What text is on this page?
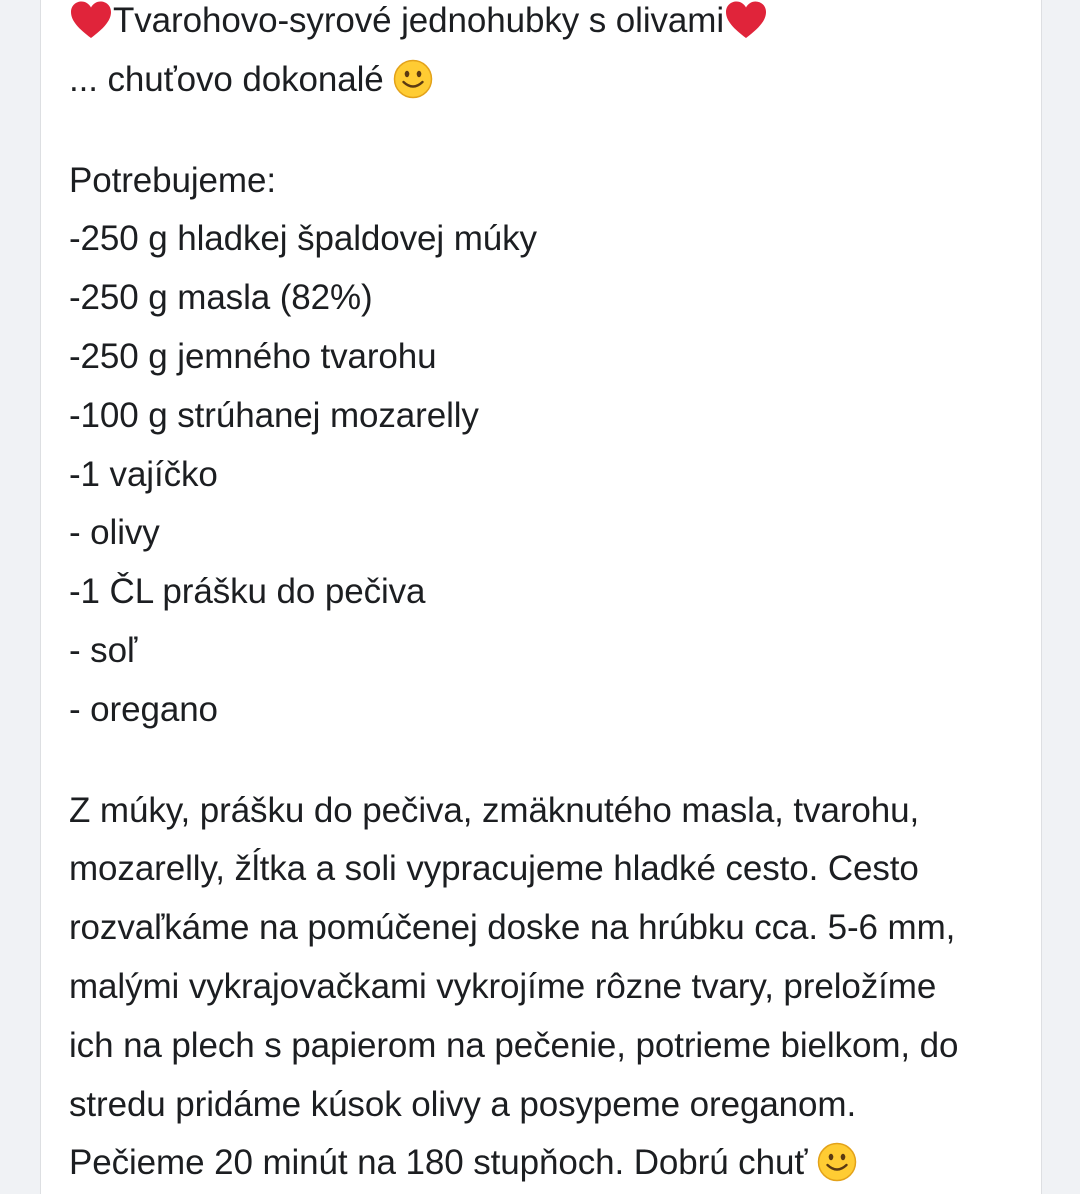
Tvarohovo-syrové jednohubky s olivami
... chuťovo dokonalé
Potrebujeme:
-250 g hladkej špaldovej múky
-250 g masla (82%)
-250 g jemného tvarohu
-100 g strúhanej mozarelly
-1 vajíčko
- olivy
-1 ČL prášku do pečiva
- soľ
- oregano
Z múky, prášku do pečiva, zmäknutého masla, tvarohu,
mozarelly, žĺtka a soli vypracujeme hladké cesto. Cesto
rozvaľkáme na pomúčenej doske na hrúbku cca. 5-6 mm,
malými vykrajovačkami vykrojíme rôzne tvary, preložíme
ich na plech s papierom na pečenie, potrieme bielkom, do
stredu pridáme kúsok olivy a posypeme oreganom.
Pečieme 20 minút na 180 stupňoch. Dobrú chuť
